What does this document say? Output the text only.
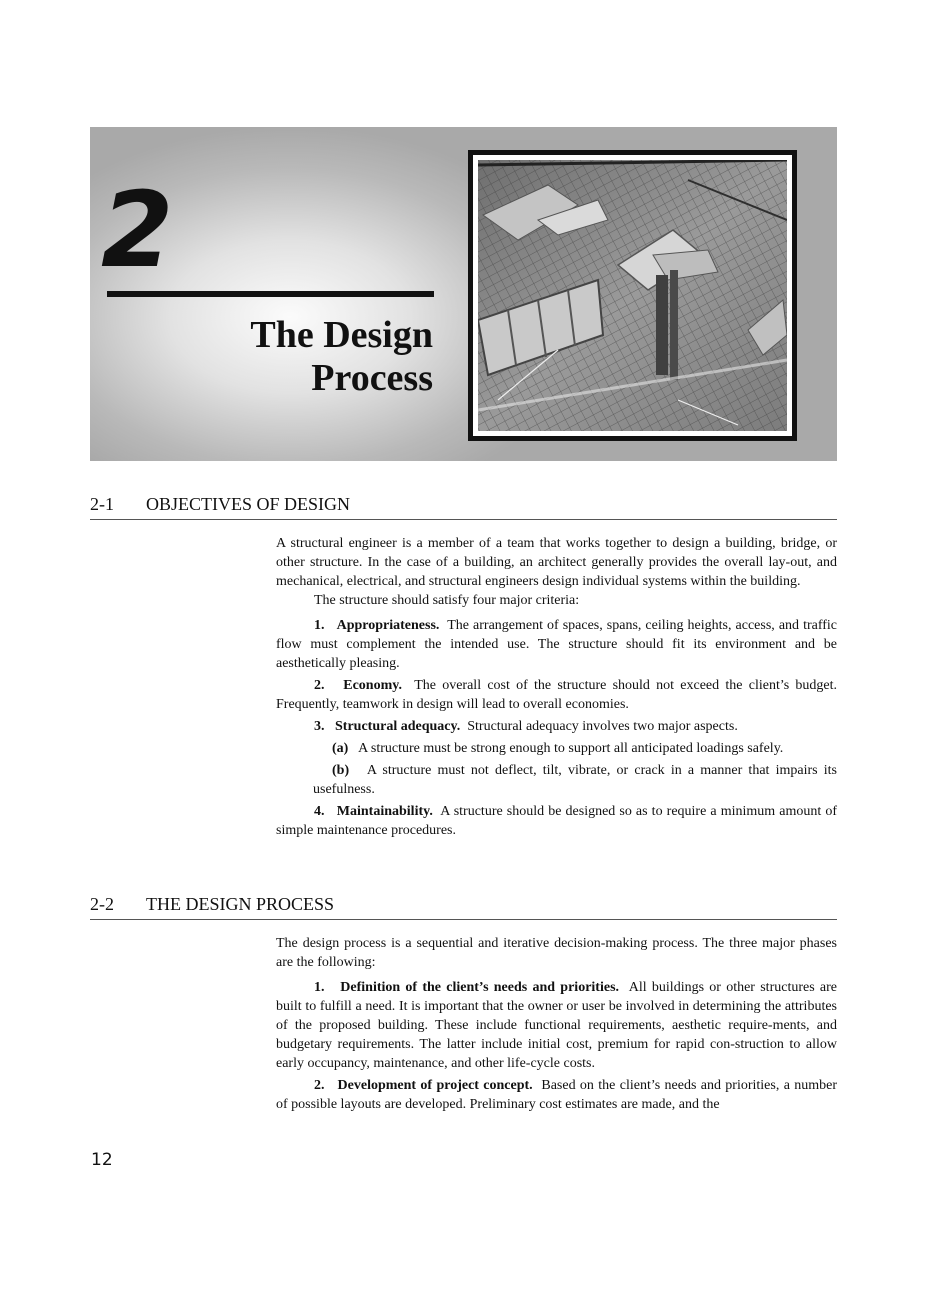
2
The Design
Process
2-1 OBJECTIVES OF DESIGN

A structural engineer is a member of a team that works together to design a building, bridge, or other structure. In the case of a building, an architect generally provides the overall lay-out, and mechanical, electrical, and structural engineers design individual systems within the building.

The structure should satisfy four major criteria:

1. Appropriateness. The arrangement of spaces, spans, ceiling heights, access, and traffic flow must complement the intended use. The structure should fit its environment and be aesthetically pleasing.

2. Economy. The overall cost of the structure should not exceed the client’s budget. Frequently, teamwork in design will lead to overall economies.

3. Structural adequacy. Structural adequacy involves two major aspects.

(a) A structure must be strong enough to support all anticipated loadings safely.

(b) A structure must not deflect, tilt, vibrate, or crack in a manner that impairs its usefulness.

4. Maintainability. A structure should be designed so as to require a minimum amount of simple maintenance procedures.

2-2 THE DESIGN PROCESS

The design process is a sequential and iterative decision-making process. The three major phases are the following:

1. Definition of the client’s needs and priorities. All buildings or other structures are built to fulfill a need. It is important that the owner or user be involved in determining the attributes of the proposed building. These include functional requirements, aesthetic require-ments, and budgetary requirements. The latter include initial cost, premium for rapid con-struction to allow early occupancy, maintenance, and other life-cycle costs.

2. Development of project concept. Based on the client’s needs and priorities, a number of possible layouts are developed. Preliminary cost estimates are made, and the

12
